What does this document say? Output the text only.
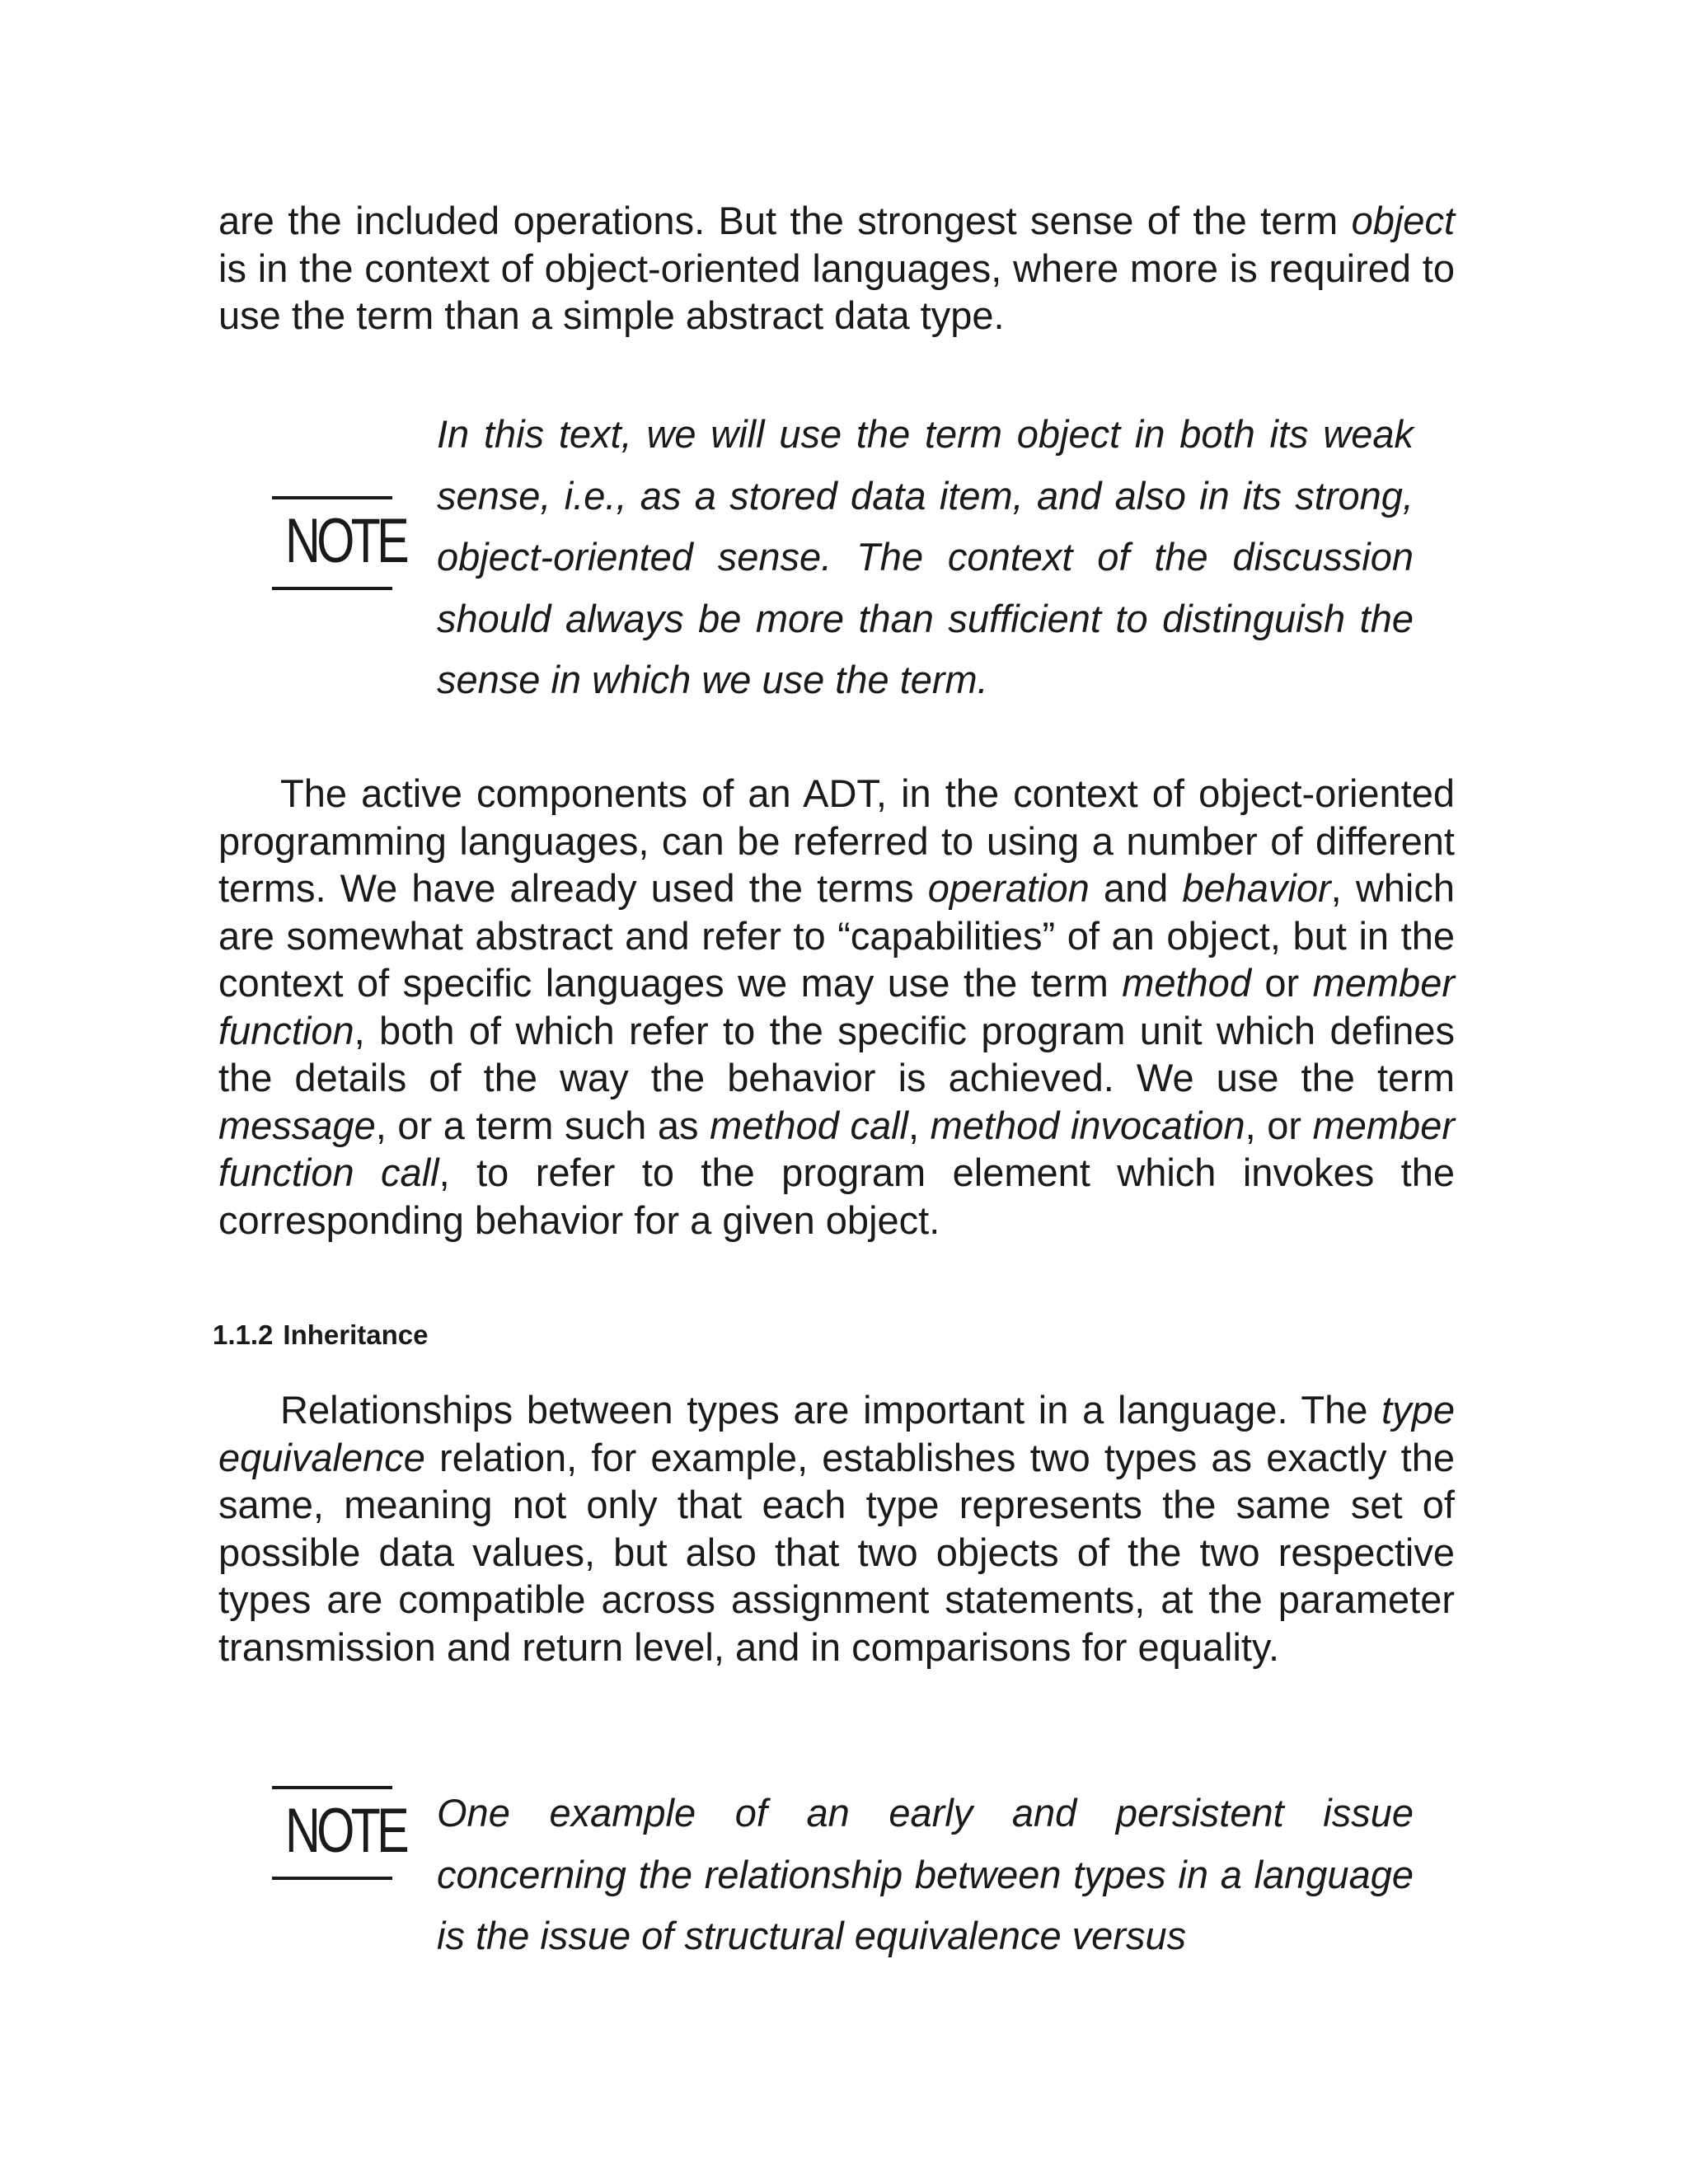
are the included operations. But the strongest sense of the term object is in the context of object-oriented languages, where more is required to use the term than a simple abstract data type.

NOTE

In this text, we will use the term object in both its weak sense, i.e., as a stored data item, and also in its strong, object-oriented sense. The context of the discussion should always be more than sufficient to distinguish the sense in which we use the term.

The active components of an ADT, in the context of object-oriented programming languages, can be referred to using a number of different terms. We have already used the terms operation and behavior, which are somewhat abstract and refer to “capabilities” of an object, but in the context of specific languages we may use the term method or member function, both of which refer to the specific program unit which defines the details of the way the behavior is achieved. We use the term message, or a term such as method call, method invocation, or member function call, to refer to the program element which invokes the corresponding behavior for a given object.

1.1.2 Inheritance

Relationships between types are important in a language. The type equivalence relation, for example, establishes two types as exactly the same, meaning not only that each type represents the same set of possible data values, but also that two objects of the two respective types are compatible across assignment statements, at the parameter transmission and return level, and in comparisons for equality.

NOTE One example of an early and persistent issue concerning the relationship between types in a language is the issue of structural equivalence versus
